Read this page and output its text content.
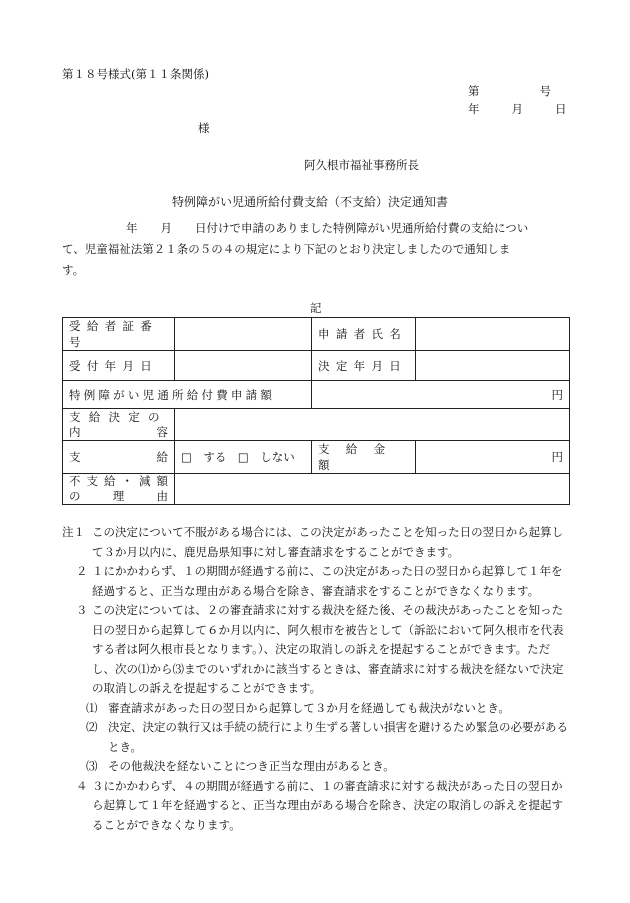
第１８号様式(第１１条関係)
第	号
年	月	日
様
阿久根市福祉事務所長
特例障がい児通所給付費支給（不支給）決定通知書
年　　月　　日付けで申請のありました特例障がい児通所給付費の支給につい
て、児童福祉法第２１条の５の４の規定により下記のとおり決定しましたので通知しま
す。
記
受給者証番号		申請者氏名	
受付年月日		決定年月日	
特例障がい児通所給付費申請額		円	

支 給 決 定 の
内　　　容			

支　　　　給	□　する　□　しない	支 給 金 額	円

不支給・減額
の　　理　　由			

注１ この決定について不服がある場合には、この決定があったことを知った日の翌日から起算して３か月以内に、鹿児島県知事に対し審査請求をすることができます。
２ １にかかわらず、１の期間が経過する前に、この決定があった日の翌日から起算して１年を経過すると、正当な理由がある場合を除き、審査請求をすることができなくなります。
３ この決定については、２の審査請求に対する裁決を経た後、その裁決があったことを知った日の翌日から起算して６か月以内に、阿久根市を被告として（訴訟において阿久根市を代表する者は阿久根市長となります。）、決定の取消しの訴えを提起することができます。ただし、次の⑴から⑶までのいずれかに該当するときは、審査請求に対する裁決を経ないで決定の取消しの訴えを提起することができます。
⑴ 審査請求があった日の翌日から起算して３か月を経過しても裁決がないとき。
⑵ 決定、決定の執行又は手続の続行により生ずる著しい損害を避けるため緊急の必要があるとき。
⑶ その他裁決を経ないことにつき正当な理由があるとき。
４ ３にかかわらず、４の期間が経過する前に、１の審査請求に対する裁決があった日の翌日から起算して１年を経過すると、正当な理由がある場合を除き、決定の取消しの訴えを提起することができなくなります。
